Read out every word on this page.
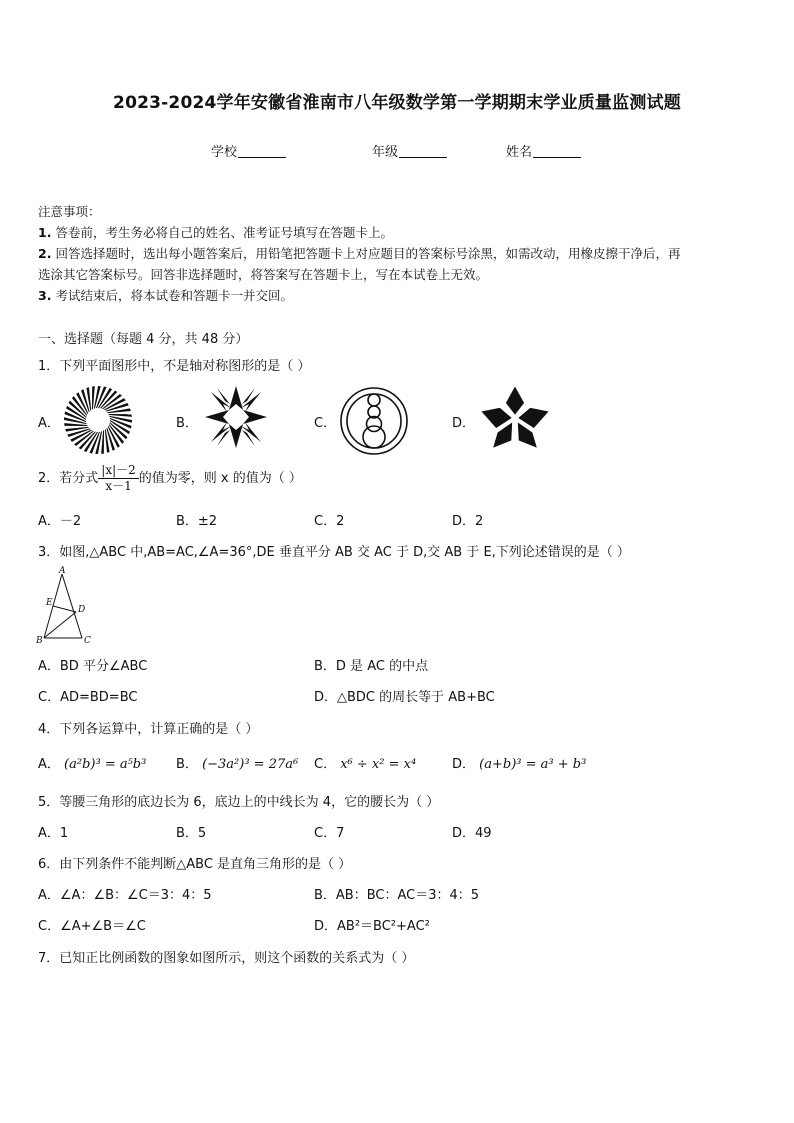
2023-2024学年安徽省淮南市八年级数学第一学期期末学业质量监测试题
学校	年级	姓名
注意事项：
1. 答卷前，考生务必将自己的姓名、准考证号填写在答题卡上。
2. 回答选择题时，选出每小题答案后，用铅笔把答题卡上对应题目的答案标号涂黑，如需改动，用橡皮擦干净后，再
选涂其它答案标号。回答非选择题时，将答案写在答题卡上，写在本试卷上无效。
3. 考试结束后，将本试卷和答题卡一并交回。
一、选择题（每题 4 分，共 48 分）
1．下列平面图形中，不是轴对称图形的是（ ）
A．	B．	C．	D．
2．若分式 $\frac{|x|-2}{x-1}$ 的值为零，则 x 的值为（ ）
A．－2	B．±2	C．2	D．2
3．如图,△ABC 中,AB=AC,∠A=36°,DE 垂直平分 AB 交 AC 于 D,交 AB 于 E,下列论述错误的是（ ）
A
B	C
D
E
A．BD 平分∠ABC	B．D 是 AC 的中点
C．AD=BD=BC	D．△BDC 的周长等于 AB+BC
4．下列各运算中，计算正确的是（ ）
A． (a²b)³ = a⁵b³ B． (−3a²)³ = 27a⁶ C． x⁶ ÷ x² = x⁴	D． (a+b)³ = a³ + b³
5．等腰三角形的底边长为 6，底边上的中线长为 4，它的腰长为（ ）
A．1	B．5	C．7	D．49
6．由下列条件不能判断△ABC 是直角三角形的是（ ）
A．∠A：∠B：∠C＝3：4：5	B．AB：BC：AC＝3：4：5
C．∠A+∠B＝∠C	D．AB²＝BC²+AC²
7．已知正比例函数的图象如图所示，则这个函数的关系式为（ ）
